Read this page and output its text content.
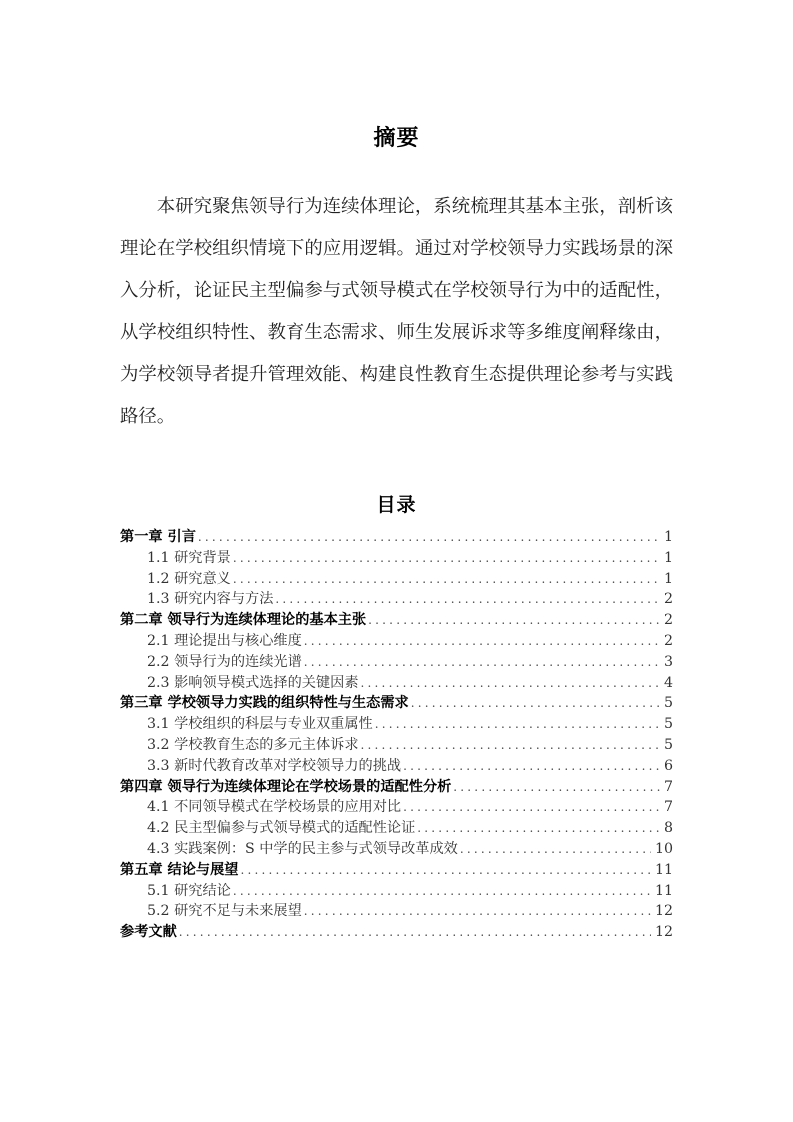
摘要

本研究聚焦领导行为连续体理论，系统梳理其基本主张，剖析该理论在学校组织情境下的应用逻辑。通过对学校领导力实践场景的深入分析，论证民主型偏参与式领导模式在学校领导行为中的适配性，从学校组织特性、教育生态需求、师生发展诉求等多维度阐释缘由，为学校领导者提升管理效能、构建良性教育生态提供理论参考与实践路径。

目录
第一章 引言 .....	1
1.1 研究背景 .....	1
1.2 研究意义 .....	1
1.3 研究内容与方法 .....	2
第二章 领导行为连续体理论的基本主张 .....	2
2.1 理论提出与核心维度 .....	2
2.2 领导行为的连续光谱 .....	3
2.3 影响领导模式选择的关键因素 .....	4
第三章 学校领导力实践的组织特性与生态需求 .....	5
3.1 学校组织的科层与专业双重属性 .....	5
3.2 学校教育生态的多元主体诉求 .....	5
3.3 新时代教育改革对学校领导力的挑战 .....	6
第四章 领导行为连续体理论在学校场景的适配性分析 .....	7
4.1 不同领导模式在学校场景的应用对比 .....	7
4.2 民主型偏参与式领导模式的适配性论证 .....	8
4.3 实践案例：S 中学的民主参与式领导改革成效 .....	10
第五章 结论与展望 .....	11
5.1 研究结论 .....	11
5.2 研究不足与未来展望 .....	12
参考文献 .....	12
